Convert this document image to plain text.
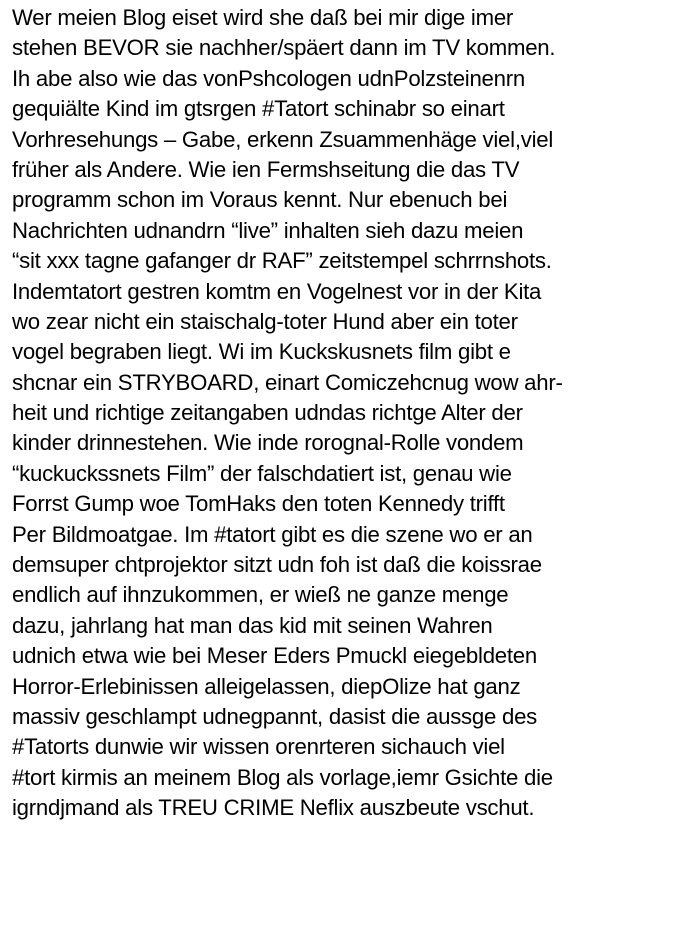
Wer meien Blog eiset wird she daß bei mir dige imer
stehen BEVOR sie nachher/späert dann im TV kommen.
Ih abe also wie das vonPshcologen udnPolzsteinenrn
gequiälte Kind im gtsrgen #Tatort schinabr so einart
Vorhresehungs – Gabe, erkenn Zsuammenhäge viel,viel
früher als Andere. Wie ien Fermshseitung die das TV
programm schon im Voraus kennt. Nur ebenuch bei
Nachrichten udnandrn “live” inhalten sieh dazu meien
“sit xxx tagne gafanger dr RAF” zeitstempel schrrnshots.
Indemtatort gestren komtm en Vogelnest vor in der Kita
wo zear nicht ein staischalg-toter Hund aber ein toter
vogel begraben liegt. Wi im Kuckskusnets film gibt e
shcnar ein STRYBOARD, einart Comiczehcnug wow ahr-
heit und richtige zeitangaben udndas richtge Alter der
kinder drinnestehen. Wie inde rorognal-Rolle vondem
“kuckuckssnets Film” der falschdatiert ist, genau wie
Forrst Gump woe TomHaks den toten Kennedy trifft
Per Bildmoatgae. Im #tatort gibt es die szene wo er an
demsuper chtprojektor sitzt udn foh ist daß die koissrae
endlich auf ihnzukommen, er wieß ne ganze menge
dazu, jahrlang hat man das kid mit seinen Wahren
udnich etwa wie bei Meser Eders Pmuckl eiegebldeten
Horror-Erlebinissen alleigelassen, diepOlize hat ganz
massiv geschlampt udnegpannt, dasist die aussge des
#Tatorts dunwie wir wissen orenrteren sichauch viel
#tort kirmis an meinem Blog als vorlage,iemr Gsichte die
igrndjmand als TREU CRIME Neflix auszbeute vschut.
